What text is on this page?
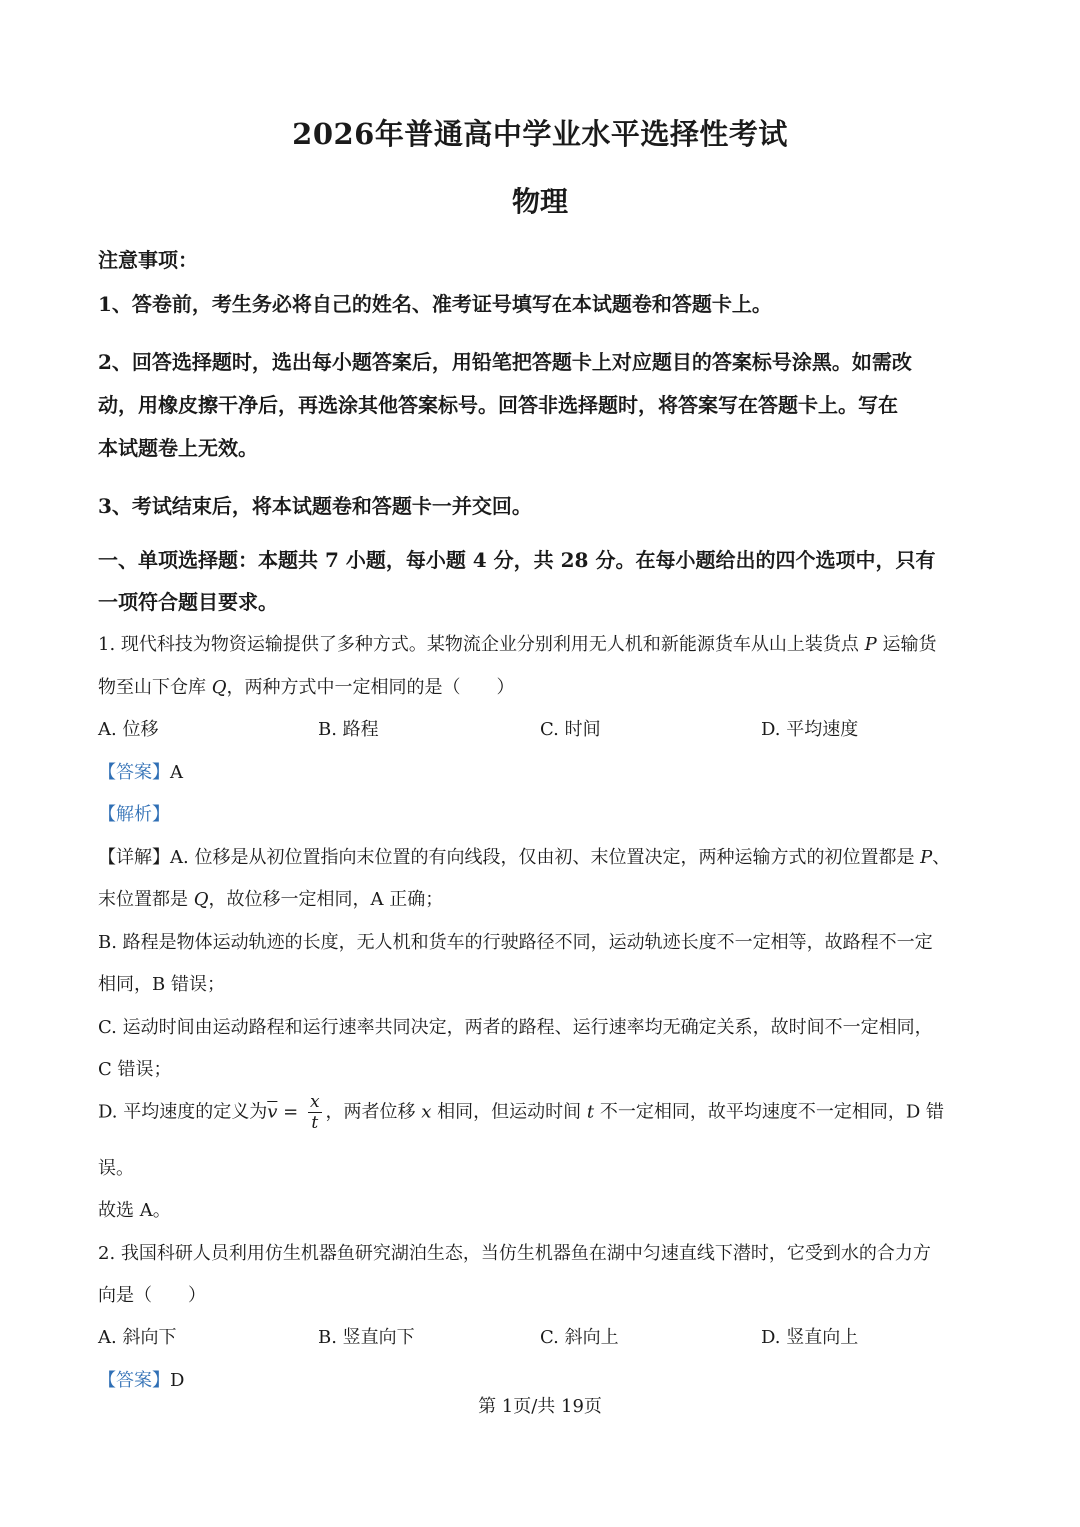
2026年普通高中学业水平选择性考试
物理
注意事项：
1、答卷前，考生务必将自己的姓名、准考证号填写在本试题卷和答题卡上。
2、回答选择题时，选出每小题答案后，用铅笔把答题卡上对应题目的答案标号涂黑。如需改
动，用橡皮擦干净后，再选涂其他答案标号。回答非选择题时，将答案写在答题卡上。写在
本试题卷上无效。
3、考试结束后，将本试题卷和答题卡一并交回。
一、单项选择题：本题共 7 小题，每小题 4 分，共 28 分。在每小题给出的四个选项中，只有
一项符合题目要求。
1. 现代科技为物资运输提供了多种方式。某物流企业分别利用无人机和新能源货车从山上装货点 P 运输货
物至山下仓库 Q，两种方式中一定相同的是（　　）
A. 位移	B. 路程	C. 时间	D. 平均速度
【答案】A
【解析】
【详解】A. 位移是从初位置指向末位置的有向线段，仅由初、末位置决定，两种运输方式的初位置都是 P、
末位置都是 Q，故位移一定相同，A 正确；
B. 路程是物体运动轨迹的长度，无人机和货车的行驶路径不同，运动轨迹长度不一定相等，故路程不一定
相同，B 错误；
C. 运动时间由运动路程和运行速率共同决定，两者的路程、运行速率均无确定关系，故时间不一定相同，
C 错误；
D. 平均速度的定义为$\overline{v} = \frac{x}{t}$ ，两者位移 x 相同，但运动时间 t 不一定相同，故平均速度不一定相同，D 错
误。
故选 A。
2. 我国科研人员利用仿生机器鱼研究湖泊生态，当仿生机器鱼在湖中匀速直线下潜时，它受到水的合力方
向是（　　）
A. 斜向下	B. 竖直向下	C. 斜向上	D. 竖直向上
【答案】D
第 1页/共 19页
